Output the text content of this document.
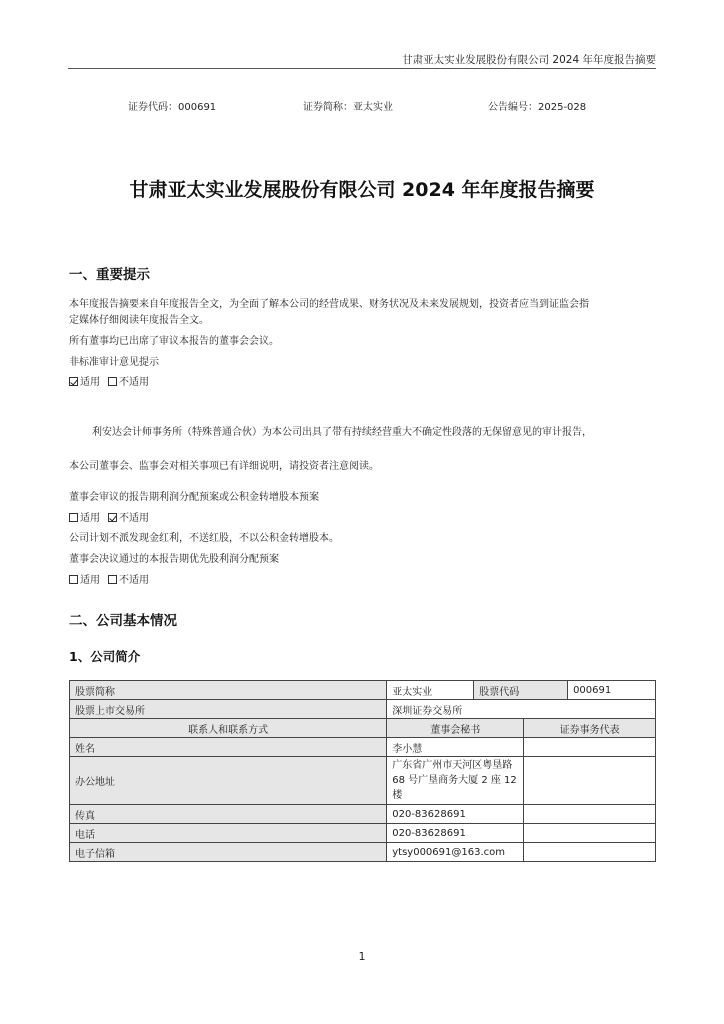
甘肃亚太实业发展股份有限公司 2024 年年度报告摘要
证券代码：000691	证券简称：亚太实业	公告编号：2025-028
甘肃亚太实业发展股份有限公司 2024 年年度报告摘要
一、重要提示
本年度报告摘要来自年度报告全文，为全面了解本公司的经营成果、财务状况及未来发展规划，投资者应当到证监会指
定媒体仔细阅读年度报告全文。
所有董事均已出席了审议本报告的董事会会议。
非标准审计意见提示
适用 不适用
利安达会计师事务所（特殊普通合伙）为本公司出具了带有持续经营重大不确定性段落的无保留意见的审计报告，
本公司董事会、监事会对相关事项已有详细说明，请投资者注意阅读。
董事会审议的报告期利润分配预案或公积金转增股本预案
适用 不适用
公司计划不派发现金红利，不送红股，不以公积金转增股本。
董事会决议通过的本报告期优先股利润分配预案
适用 不适用
二、公司基本情况
1、公司简介
股票简称	亚太实业	股票代码		000691
股票上市交易所	深圳证券交易所			
联系人和联系方式	董事会秘书		证券事务代表	
姓名	李小慧			
办公地址	广东省广州市天河区粤垦路 68 号广垦商务大厦 2 座 12 楼			
传真	020-83628691			
电话	020-83628691			
电子信箱	ytsy000691@163.com			
1
